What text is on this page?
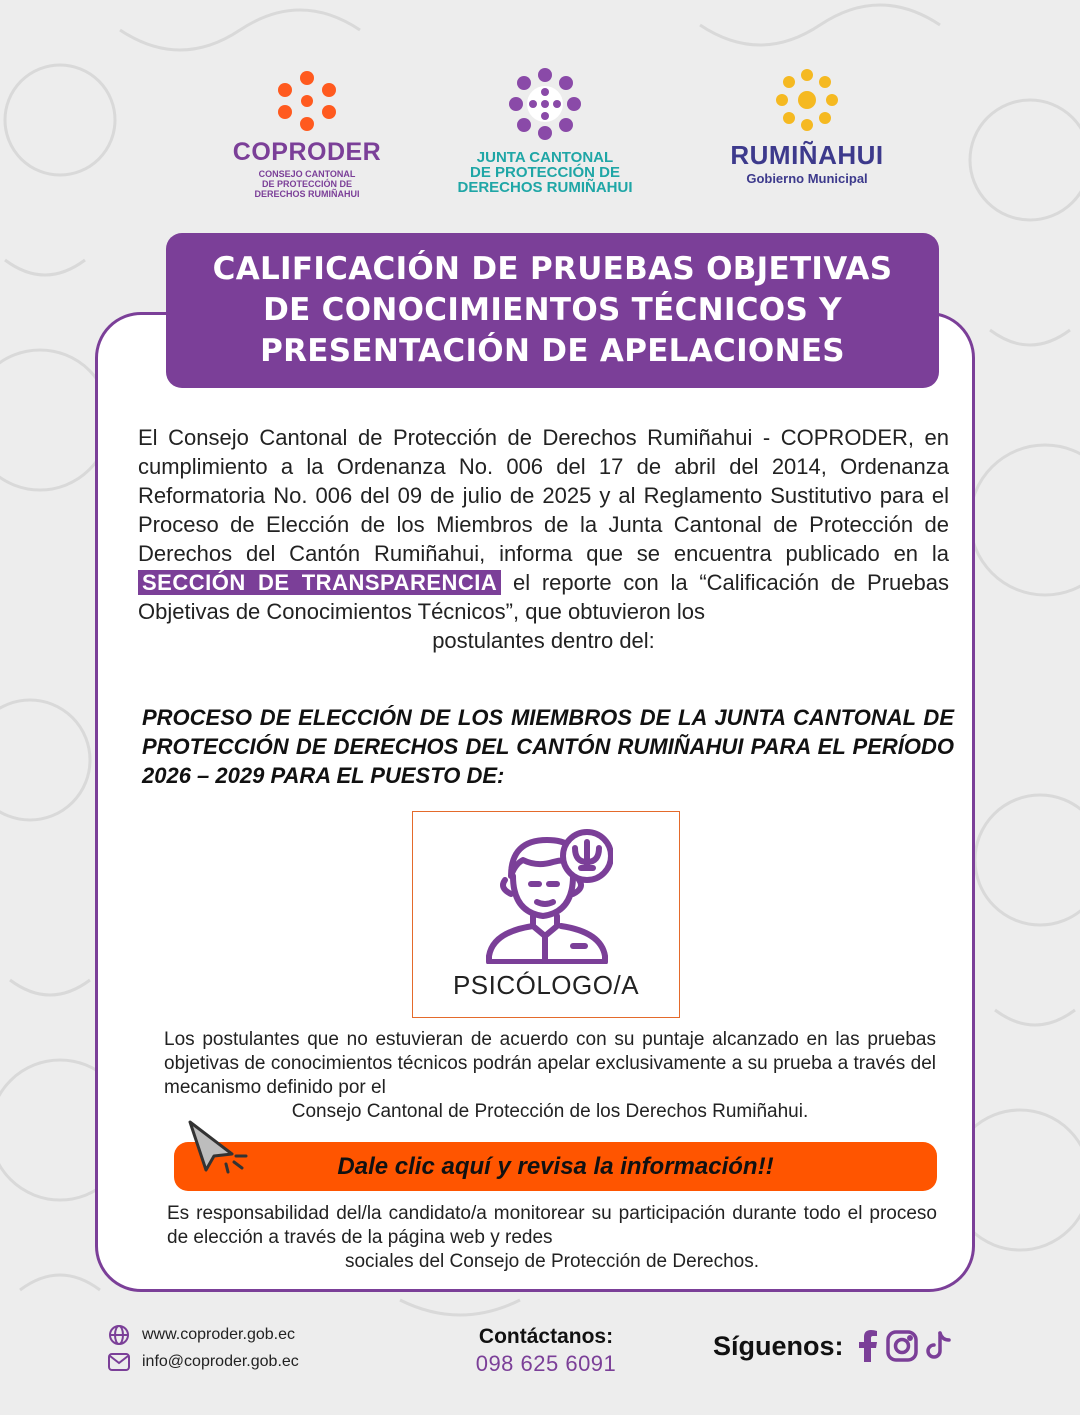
COPRODER
CONSEJO CANTONAL
DE PROTECCIÓN DE
DERECHOS RUMIÑAHUI
JUNTA CANTONAL
DE PROTECCIÓN DE
DERECHOS RUMIÑAHUI
RUMIÑAHUI
Gobierno Municipal
CALIFICACIÓN DE PRUEBAS OBJETIVAS
DE CONOCIMIENTOS TÉCNICOS Y
PRESENTACIÓN DE APELACIONES

El Consejo Cantonal de Protección de Derechos Rumiñahui - COPRODER, en cumplimiento a la Ordenanza No. 006 del 17 de abril del 2014, Ordenanza Reformatoria No. 006 del 09 de julio de 2025 y al Reglamento Sustitutivo para el Proceso de Elección de los Miembros de la Junta Cantonal de Protección de Derechos del Cantón Rumiñahui, informa que se encuentra publicado en la SECCIÓN DE TRANSPARENCIA el reporte con la “Calificación de Pruebas Objetivas de Conocimientos Técnicos”, que obtuvieron los
postulantes dentro del:

PROCESO DE ELECCIÓN DE LOS MIEMBROS DE LA JUNTA CANTONAL DE PROTECCIÓN DE DERECHOS DEL CANTÓN RUMIÑAHUI PARA EL PERÍODO 2026 – 2029 PARA EL PUESTO DE:

PSICÓLOGO/A

Los postulantes que no estuvieran de acuerdo con su puntaje alcanzado en las pruebas objetivas de conocimientos técnicos podrán apelar exclusivamente a su prueba a través del mecanismo definido por el
Consejo Cantonal de Protección de los Derechos Rumiñahui.

Dale clic aquí y revisa la información!!

Es responsabilidad del/la candidato/a monitorear su participación durante todo el proceso de elección a través de la página web y redes
sociales del Consejo de Protección de Derechos.

www.coproder.gob.ec
info@coproder.gob.ec
Contáctanos:
098 625 6091
Síguenos:
